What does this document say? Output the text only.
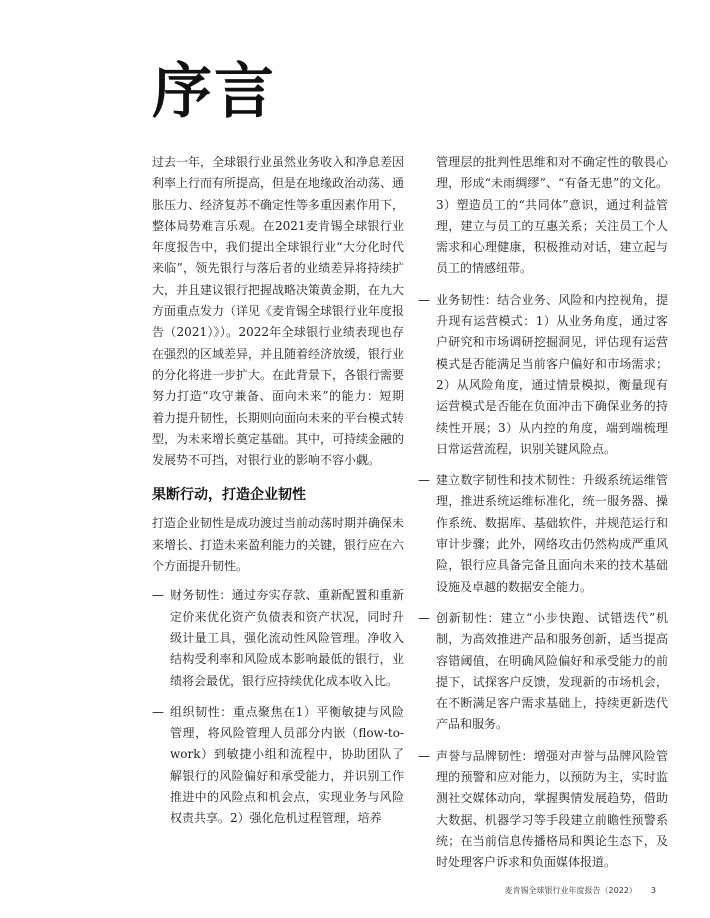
序言

过去一年，全球银行业虽然业务收入和净息差因利率上行而有所提高，但是在地缘政治动荡、通胀压力、经济复苏不确定性等多重因素作用下，整体局势难言乐观。在2021麦肯锡全球银行业年度报告中，我们提出全球银行业“大分化时代来临”，领先银行与落后者的业绩差异将持续扩大，并且建议银行把握战略决策黄金期，在九大方面重点发力（详见《麦肯锡全球银行业年度报告（2021）》）。2022年全球银行业绩表现也存在强烈的区域差异，并且随着经济放缓，银行业的分化将进一步扩大。在此背景下，各银行需要努力打造“攻守兼备、面向未来”的能力：短期着力提升韧性，长期则向面向未来的平台模式转型，为未来增长奠定基础。其中，可持续金融的发展势不可挡，对银行业的影响不容小觑。

果断行动，打造企业韧性

打造企业韧性是成功渡过当前动荡时期并确保未来增长、打造未来盈利能力的关键，银行应在六个方面提升韧性。

— 财务韧性：通过夯实存款、重新配置和重新定价来优化资产负债表和资产状况，同时升级计量工具，强化流动性风险管理。净收入结构受利率和风险成本影响最低的银行，业绩将会最优，银行应持续优化成本收入比。
— 组织韧性：重点聚焦在1）平衡敏捷与风险管理，将风险管理人员部分内嵌（flow-to-work）到敏捷小组和流程中，协助团队了解银行的风险偏好和承受能力，并识别工作推进中的风险点和机会点，实现业务与风险权责共享。2）强化危机过程管理，培养

管理层的批判性思维和对不确定性的敬畏心理，形成“未雨绸缪”、“有备无患”的文化。3）塑造员工的“共同体”意识，通过利益管理，建立与员工的互惠关系；关注员工个人需求和心理健康，积极推动对话，建立起与员工的情感纽带。

— 业务韧性：结合业务、风险和内控视角，提升现有运营模式：1）从业务角度，通过客户研究和市场调研挖掘洞见，评估现有运营模式是否能满足当前客户偏好和市场需求；2）从风险角度，通过情景模拟，衡量现有运营模式是否能在负面冲击下确保业务的持续性开展；3）从内控的角度，端到端梳理日常运营流程，识别关键风险点。
— 建立数字韧性和技术韧性：升级系统运维管理，推进系统运维标准化，统一服务器、操作系统、数据库、基础软件，并规范运行和审计步骤；此外，网络攻击仍然构成严重风险，银行应具备完备且面向未来的技术基础设施及卓越的数据安全能力。
— 创新韧性：建立“小步快跑、试错迭代”机制，为高效推进产品和服务创新，适当提高容错阈值，在明确风险偏好和承受能力的前提下，试探客户反馈，发现新的市场机会，在不断满足客户需求基础上，持续更新迭代产品和服务。
— 声誉与品牌韧性：增强对声誉与品牌风险管理的预警和应对能力，以预防为主，实时监测社交媒体动向，掌握舆情发展趋势，借助大数据、机器学习等手段建立前瞻性预警系统；在当前信息传播格局和舆论生态下，及时处理客户诉求和负面媒体报道。
麦肯锡全球银行业年度报告（2022） 3
